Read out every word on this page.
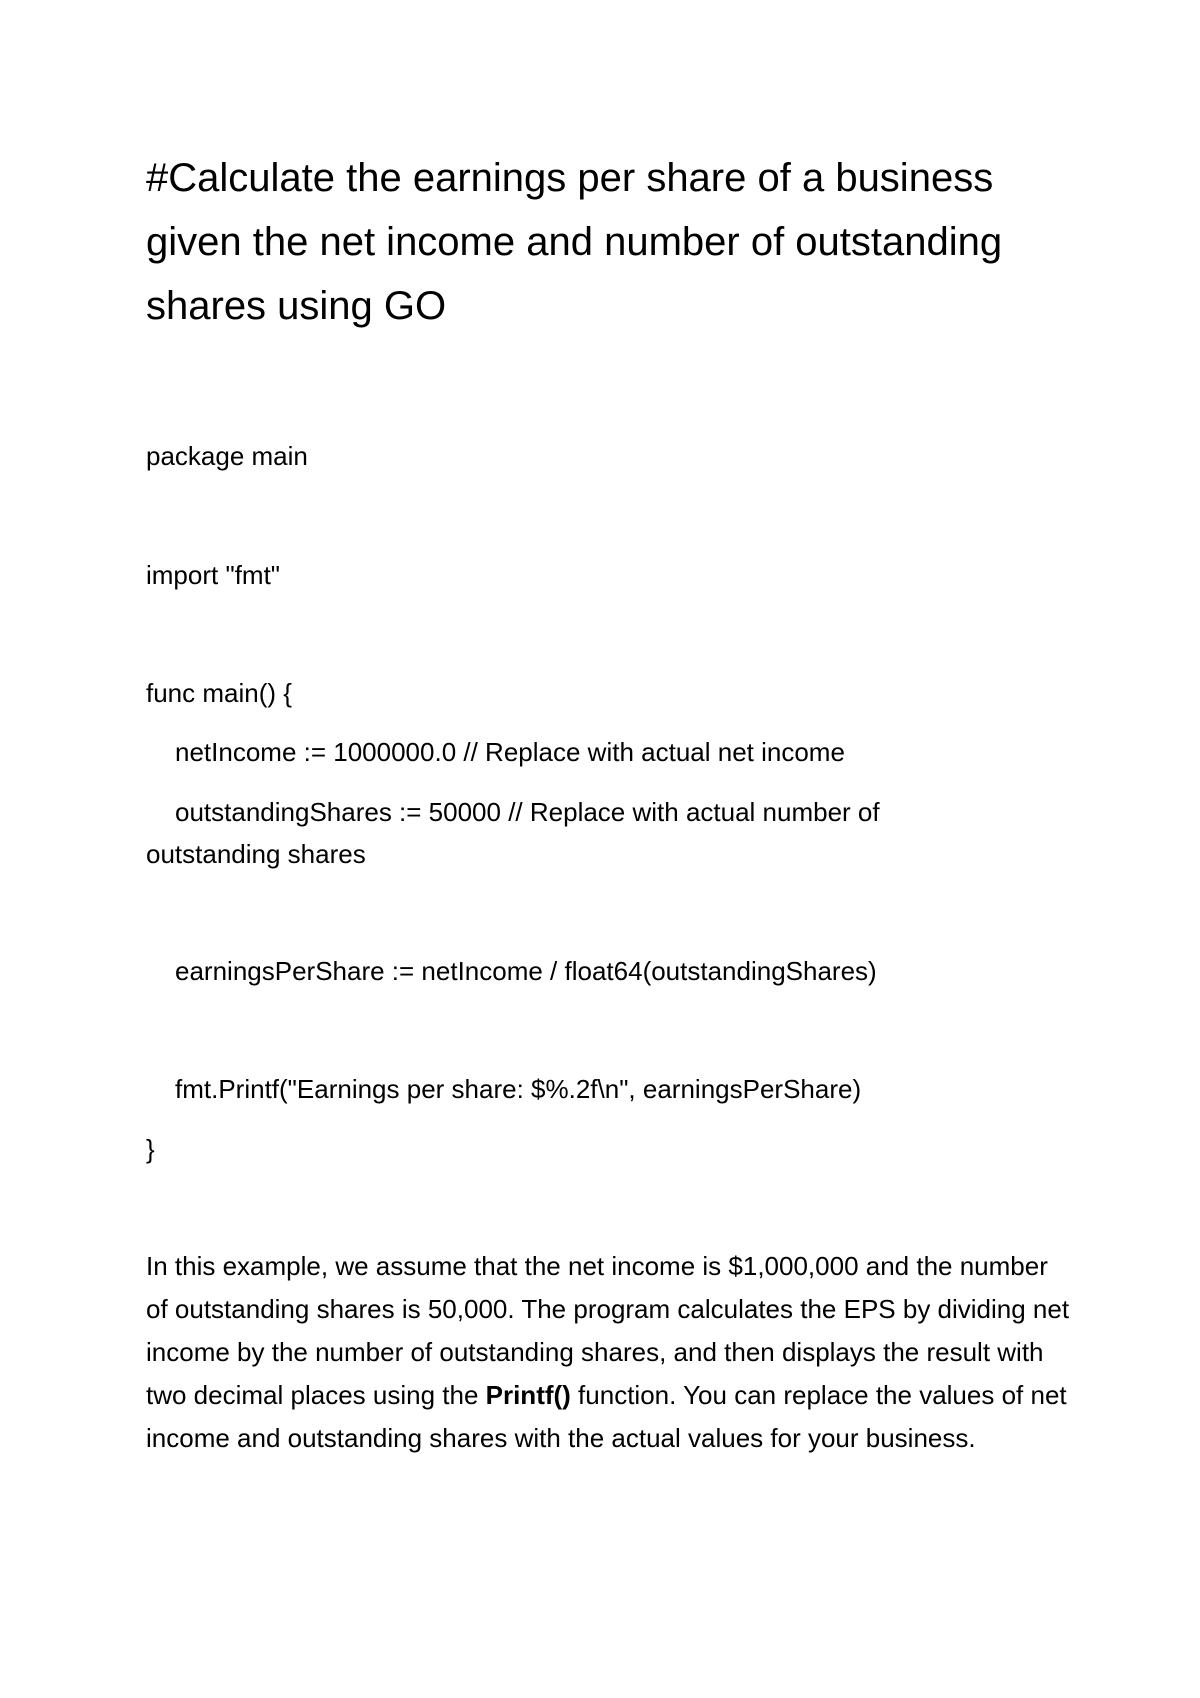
#Calculate the earnings per share of a business given the net income and number of outstanding shares using GO

package main

import "fmt"

func main() {

netIncome := 1000000.0 // Replace with actual net income

outstandingShares := 50000 // Replace with actual number of

outstanding shares

earningsPerShare := netIncome / float64(outstandingShares)

fmt.Printf("Earnings per share: $%.2f\n", earningsPerShare)

}

In this example, we assume that the net income is $1,000,000 and the number of outstanding shares is 50,000. The program calculates the EPS by dividing net income by the number of outstanding shares, and then displays the result with two decimal places using the Printf() function. You can replace the values of net income and outstanding shares with the actual values for your business.
